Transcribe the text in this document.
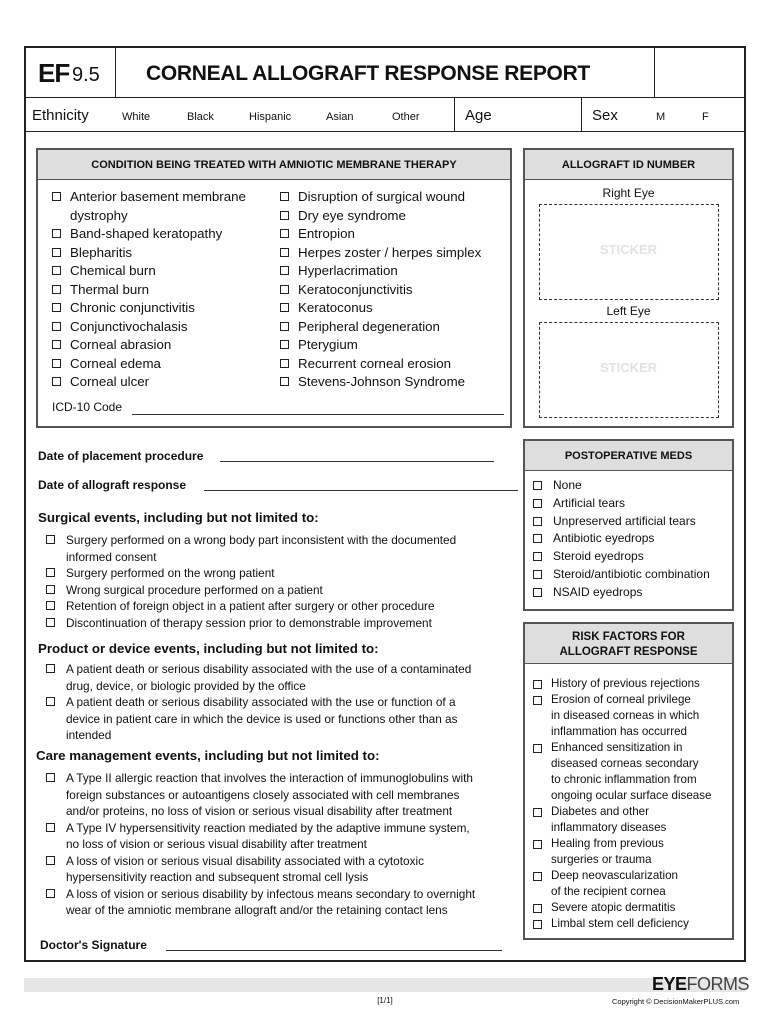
EF 9.5 CORNEAL ALLOGRAFT RESPONSE REPORT
Ethnicity	White	Black	Hispanic	Asian	Other	Age	Sex	M	F
CONDITION BEING TREATED WITH AMNIOTIC MEMBRANE THERAPY
Anterior basement membrane
dystrophy
Band-shaped keratopathy
Blepharitis
Chemical burn
Thermal burn
Chronic conjunctivitis
Conjunctivochalasis
Corneal abrasion
Corneal edema
Corneal ulcer
Disruption of surgical wound
Dry eye syndrome
Entropion
Herpes zoster / herpes simplex
Hyperlacrimation
Keratoconjunctivitis
Keratoconus
Peripheral degeneration
Pterygium
Recurrent corneal erosion
Stevens-Johnson Syndrome
ICD-10 Code
ALLOGRAFT ID NUMBER
Right Eye
STICKER
Left Eye
STICKER
Date of placement procedure
Date of allograft response
Surgical events, including but not limited to:
Surgery performed on a wrong body part inconsistent with the documented
informed consent
Surgery performed on the wrong patient
Wrong surgical procedure performed on a patient
Retention of foreign object in a patient after surgery or other procedure
Discontinuation of therapy session prior to demonstrable improvement
Product or device events, including but not limited to:
A patient death or serious disability associated with the use of a contaminated
drug, device, or biologic provided by the office
A patient death or serious disability associated with the use or function of a
device in patient care in which the device is used or functions other than as
intended
Care management events, including but not limited to:
A Type II allergic reaction that involves the interaction of immunoglobulins with
foreign substances or autoantigens closely associated with cell membranes
and/or proteins, no loss of vision or serious visual disability after treatment
A Type IV hypersensitivity reaction mediated by the adaptive immune system,
no loss of vision or serious visual disability after treatment
A loss of vision or serious visual disability associated with a cytotoxic
hypersensitivity reaction and subsequent stromal cell lysis
A loss of vision or serious disability by infectous means secondary to overnight
wear of the amniotic membrane allograft and/or the retaining contact lens
POSTOPERATIVE MEDS
None
Artificial tears
Unpreserved artificial tears
Antibiotic eyedrops
Steroid eyedrops
Steroid/antibiotic combination
NSAID eyedrops
RISK FACTORS FOR
ALLOGRAFT RESPONSE
History of previous rejections
Erosion of corneal privilege
in diseased corneas in which
inflammation has occurred
Enhanced sensitization in
diseased corneas secondary
to chronic inflammation from
ongoing ocular surface disease
Diabetes and other
inflammatory diseases
Healing from previous
surgeries or trauma
Deep neovascularization
of the recipient cornea
Severe atopic dermatitis
Limbal stem cell deficiency
Doctor's Signature
EYEFORMS
[1/1]	Copyright © DecisionMakerPLUS.com
